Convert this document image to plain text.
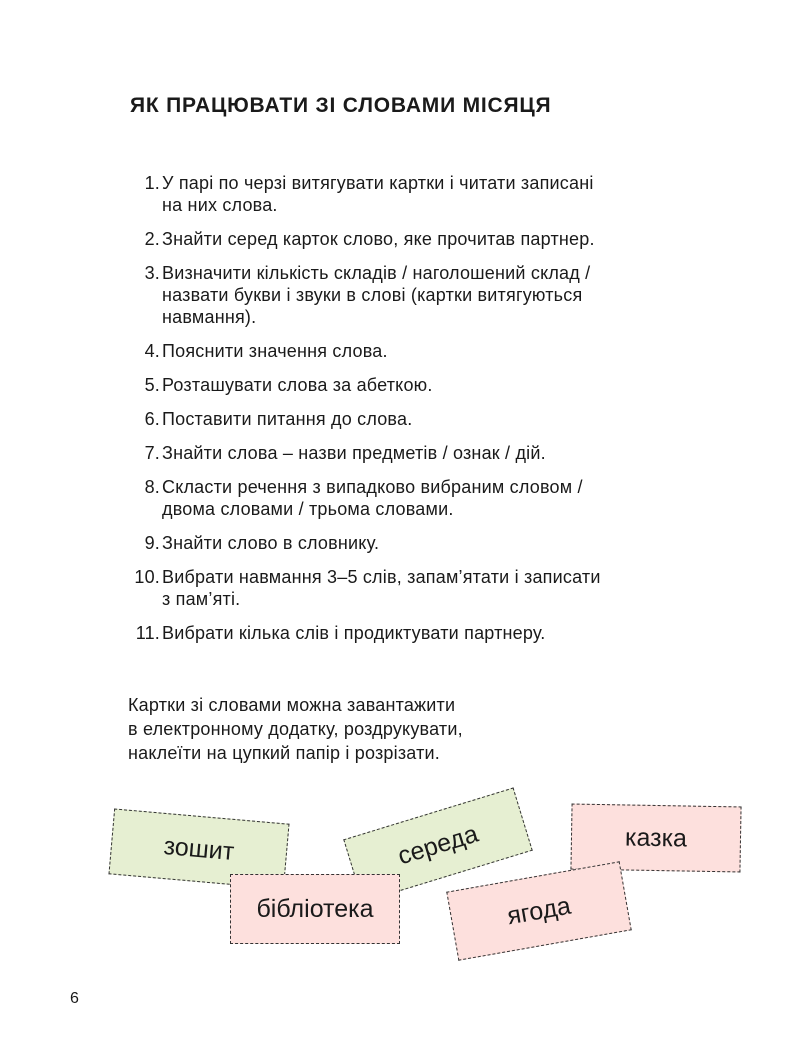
ЯК ПРАЦЮВАТИ ЗІ СЛОВАМИ МІСЯЦЯ
1. У парі по черзі витягувати картки і читати записані
на них слова.
2. Знайти серед карток слово, яке прочитав партнер.
3. Визначити кількість складів / наголошений склад /
назвати букви і звуки в слові (картки витягуються
навмання).
4. Пояснити значення слова.
5. Розташувати слова за абеткою.
6. Поставити питання до слова.
7. Знайти слова – назви предметів / ознак / дій.
8. Скласти речення з випадково вибраним словом /
двома словами / трьома словами.
9. Знайти слово в словнику.
10. Вибрати навмання 3–5 слів, запам’ятати і записати
з пам’яті.
11. Вибрати кілька слів і продиктувати партнеру.
Картки зі словами можна завантажити
в електронному додатку, роздрукувати,
наклеїти на цупкий папір і розрізати.
зошит	середа	казка
бібліотека	ягода
6
